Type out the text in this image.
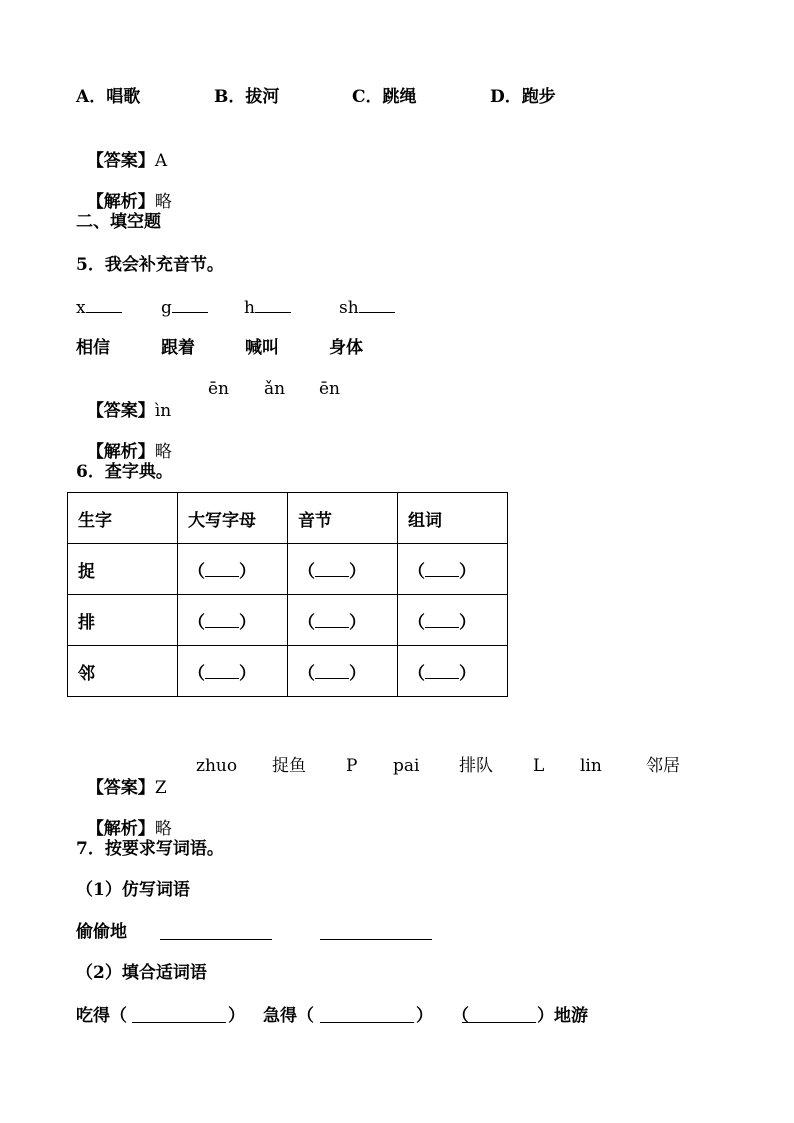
A．唱歌	B．拔河	C．跳绳	D．跑步

【答案】A

【解析】略

二、填空题
5．我会补充音节。
x	g	h	sh
相信	跟着	喊叫	身体

【答案】ìn

ēn ǎn ēn

【解析】略

6．查字典。
生字	大写字母	音节	组词
捉	（ ）	（ ）	（ ）
排	（ ）	（ ）	（ ）
邻	（ ）	（ ）	（ ）

【答案】Z

zhuo 捉鱼 P pai 排队 L lin	邻居

【解析】略

7．按要求写词语。
（1）仿写词语
偷偷地
（2）填合适词语
吃得（	） 急得（	） （	）地游
